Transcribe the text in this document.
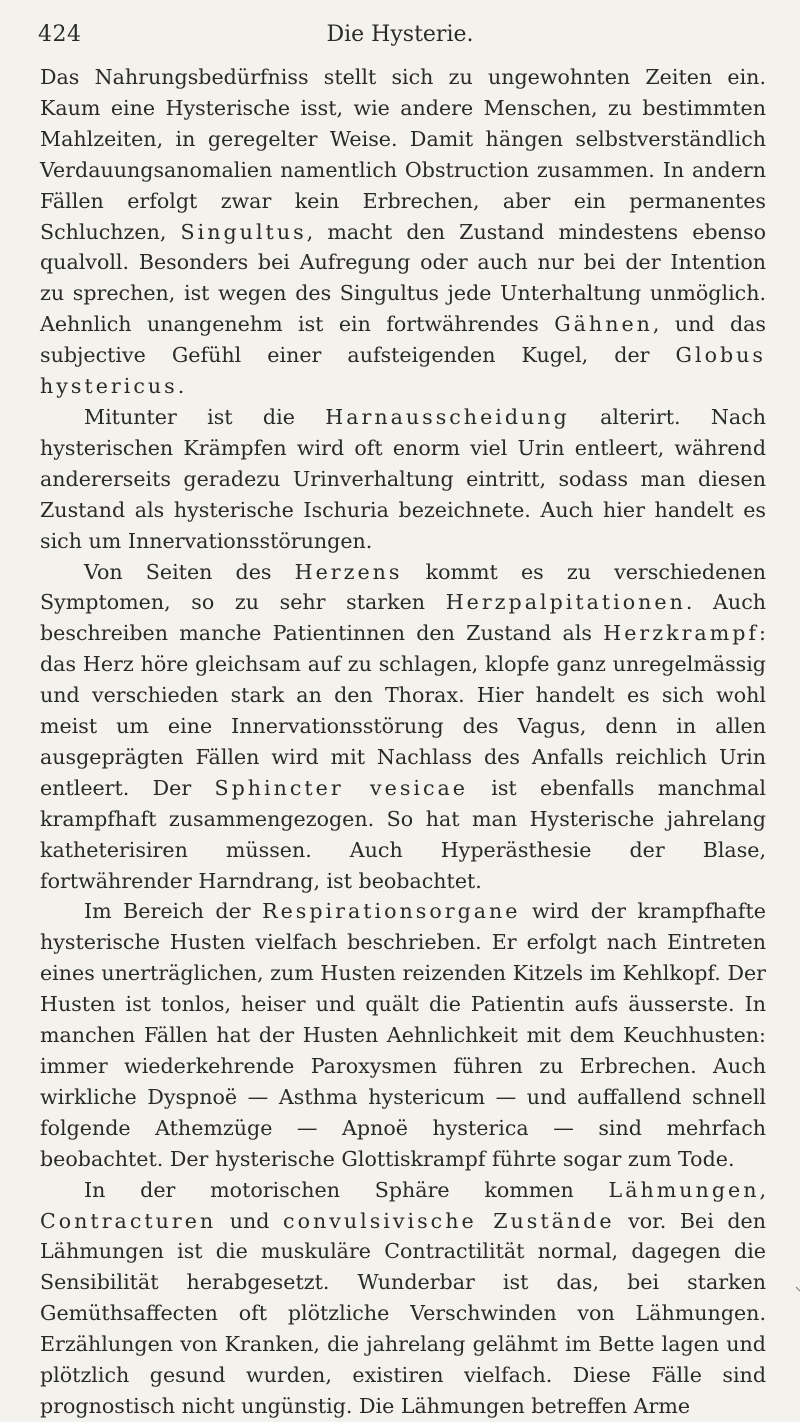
424	Die Hysterie.

Das Nahrungsbedürfniss stellt sich zu ungewohnten Zeiten ein. Kaum eine Hysterische isst, wie andere Menschen, zu bestimmten Mahlzeiten, in geregelter Weise. Damit hängen selbstverständlich Verdauungsanomalien namentlich Obstruction zusammen. In andern Fällen erfolgt zwar kein Erbrechen, aber ein permanentes Schluchzen, Singultus, macht den Zustand mindestens ebenso qualvoll. Besonders bei Aufregung oder auch nur bei der Intention zu sprechen, ist wegen des Singultus jede Unterhaltung unmöglich. Aehnlich unangenehm ist ein fortwährendes Gähnen, und das subjective Gefühl einer aufsteigenden Kugel, der Globus hystericus.

Mitunter ist die Harnausscheidung alterirt. Nach hysterischen Krämpfen wird oft enorm viel Urin entleert, während andererseits geradezu Urinverhaltung eintritt, sodass man diesen Zustand als hysterische Ischuria bezeichnete. Auch hier handelt es sich um Innervationsstörungen.

Von Seiten des Herzens kommt es zu verschiedenen Symptomen, so zu sehr starken Herzpalpitationen. Auch beschreiben manche Patientinnen den Zustand als Herzkrampf: das Herz höre gleichsam auf zu schlagen, klopfe ganz unregelmässig und verschieden stark an den Thorax. Hier handelt es sich wohl meist um eine Innervationsstörung des Vagus, denn in allen ausgeprägten Fällen wird mit Nachlass des Anfalls reichlich Urin entleert. Der Sphincter vesicae ist ebenfalls manchmal krampfhaft zusammengezogen. So hat man Hysterische jahrelang katheterisiren müssen. Auch Hyperästhesie der Blase, fortwährender Harndrang, ist beobachtet.

Im Bereich der Respirationsorgane wird der krampfhafte hysterische Husten vielfach beschrieben. Er erfolgt nach Eintreten eines unerträglichen, zum Husten reizenden Kitzels im Kehlkopf. Der Husten ist tonlos, heiser und quält die Patientin aufs äusserste. In manchen Fällen hat der Husten Aehnlichkeit mit dem Keuchhusten: immer wiederkehrende Paroxysmen führen zu Erbrechen. Auch wirkliche Dyspnoë — Asthma hystericum — und auffallend schnell folgende Athemzüge — Apnoë hysterica — sind mehrfach beobachtet. Der hysterische Glottiskrampf führte sogar zum Tode.

In der motorischen Sphäre kommen Lähmungen, Contracturen und convulsivische Zustände vor. Bei den Lähmungen ist die muskuläre Contractilität normal, dagegen die Sensibilität herabgesetzt. Wunderbar ist das, bei starken Gemüthsaffecten oft plötzliche Verschwinden von Lähmungen. Erzählungen von Kranken, die jahrelang gelähmt im Bette lagen und plötzlich gesund wurden, existiren vielfach. Diese Fälle sind prognostisch nicht ungünstig. Die Lähmungen betreffen Arme
